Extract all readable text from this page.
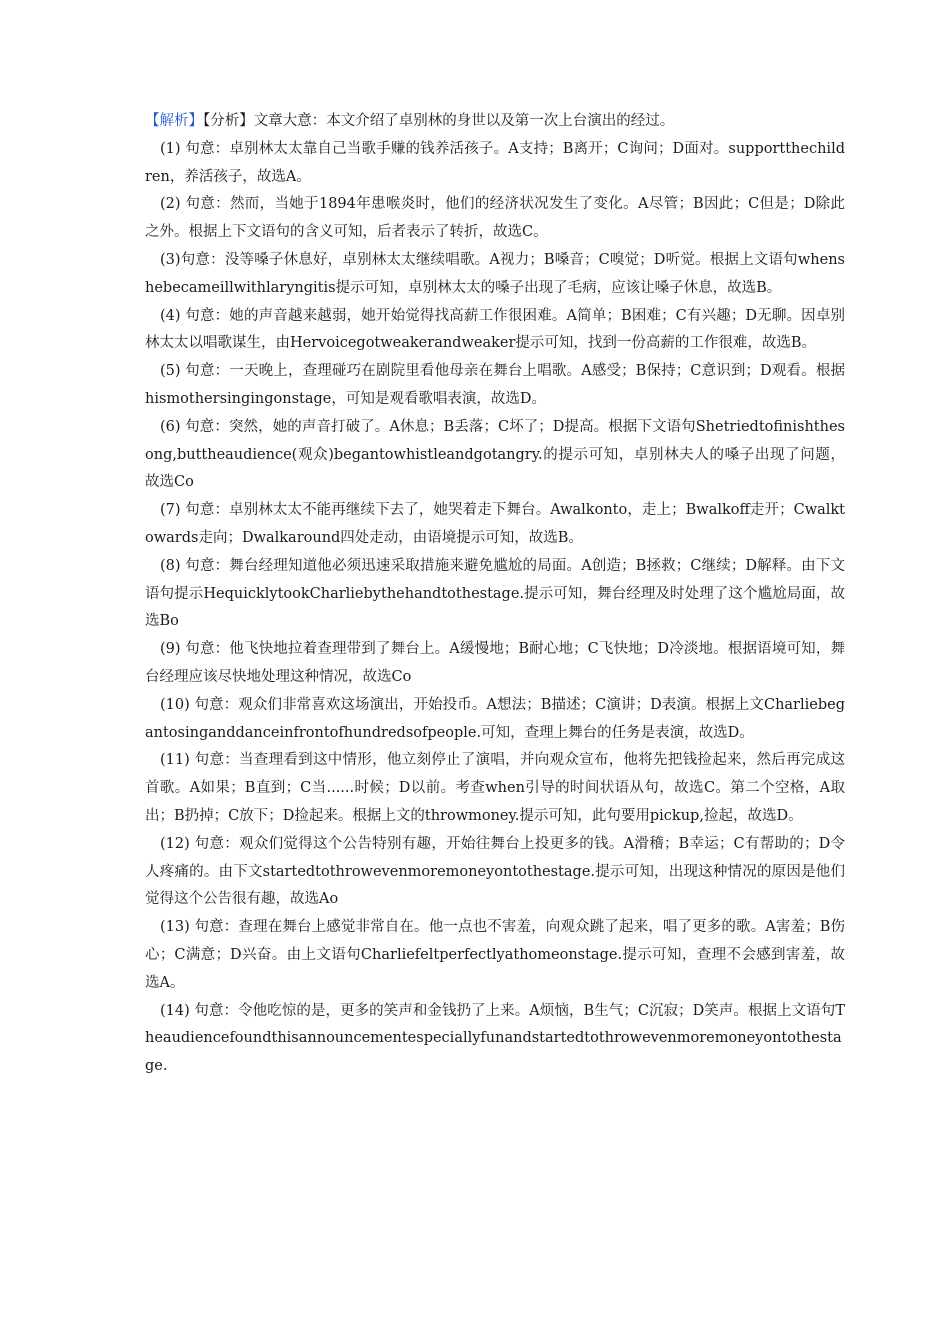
【解析】【分析】文章大意：本文介绍了卓别林的身世以及第一次上台演出的经过。

(1) 句意：卓别林太太靠自己当歌手赚的钱养活孩子。A支持；B离开；C询问；D面对。supportthechildren，养活孩子，故选A。

(2) 句意：然而，当她于1894年患喉炎时，他们的经济状况发生了变化。A尽管；B因此；C但是；D除此之外。根据上下文语句的含义可知，后者表示了转折，故选C。

(3)句意：没等嗓子休息好，卓别林太太继续唱歌。A视力；B嗓音；C嗅觉；D听觉。根据上文语句whenshebecameillwithlaryngitis提示可知，卓别林太太的嗓子出现了毛病，应该让嗓子休息，故选B。

(4) 句意：她的声音越来越弱，她开始觉得找高薪工作很困难。A简单；B困难；C有兴趣；D无聊。因卓别林太太以唱歌谋生，由Hervoicegotweakerandweaker提示可知，找到一份高薪的工作很难，故选B。

(5) 句意：一天晚上，查理碰巧在剧院里看他母亲在舞台上唱歌。A感受；B保持；C意识到；D观看。根据hismothersingingonstage，可知是观看歌唱表演，故选D。

(6) 句意：突然，她的声音打破了。A休息；B丢落；C坏了；D提高。根据下文语句Shetriedtofinishthesong,buttheaudience(观众)begantowhistleandgotangry.的提示可知，卓别林夫人的嗓子出现了问题，故选Co

(7) 句意：卓别林太太不能再继续下去了，她哭着走下舞台。Awalkonto，走上；Bwalkoff走开；Cwalktowards走向；Dwalkaround四处走动，由语境提示可知，故选B。

(8) 句意：舞台经理知道他必须迅速采取措施来避免尴尬的局面。A创造；B拯救；C继续；D解释。由下文语句提示HequicklytookCharliebythehandtothestage.提示可知，舞台经理及时处理了这个尴尬局面，故选Bo

(9) 句意：他飞快地拉着查理带到了舞台上。A缓慢地；B耐心地；C飞快地；D冷淡地。根据语境可知，舞台经理应该尽快地处理这种情况，故选Co

(10) 句意：观众们非常喜欢这场演出，开始投币。A想法；B描述；C演讲；D表演。根据上文Charliebegantosinganddanceinfrontofhundredsofpeople.可知，查理上舞台的任务是表演，故选D。

(11) 句意：当查理看到这中情形，他立刻停止了演唱，并向观众宣布，他将先把钱捡起来，然后再完成这首歌。A如果；B直到；C当......时候；D以前。考查when引导的时间状语从句，故选C。第二个空格，A取出；B扔掉；C放下；D捡起来。根据上文的throwmoney.提示可知，此句要用pickup,捡起，故选D。

(12) 句意：观众们觉得这个公告特别有趣，开始往舞台上投更多的钱。A滑稽；B幸运；C有帮助的；D令人疼痛的。由下文startedtothrowevenmoremoneyontothestage.提示可知，出现这种情况的原因是他们觉得这个公告很有趣，故选Ao

(13) 句意：查理在舞台上感觉非常自在。他一点也不害羞，向观众跳了起来，唱了更多的歌。A害羞；B伤心；C满意；D兴奋。由上文语句Charliefeltperfectlyathomeonstage.提示可知，查理不会感到害羞，故选A。

(14) 句意：令他吃惊的是，更多的笑声和金钱扔了上来。A烦恼，B生气；C沉寂；D笑声。根据上文语句Theaudiencefoundthisannouncementespeciallyfunandstartedtothrowevenmoremoneyontothestage.
